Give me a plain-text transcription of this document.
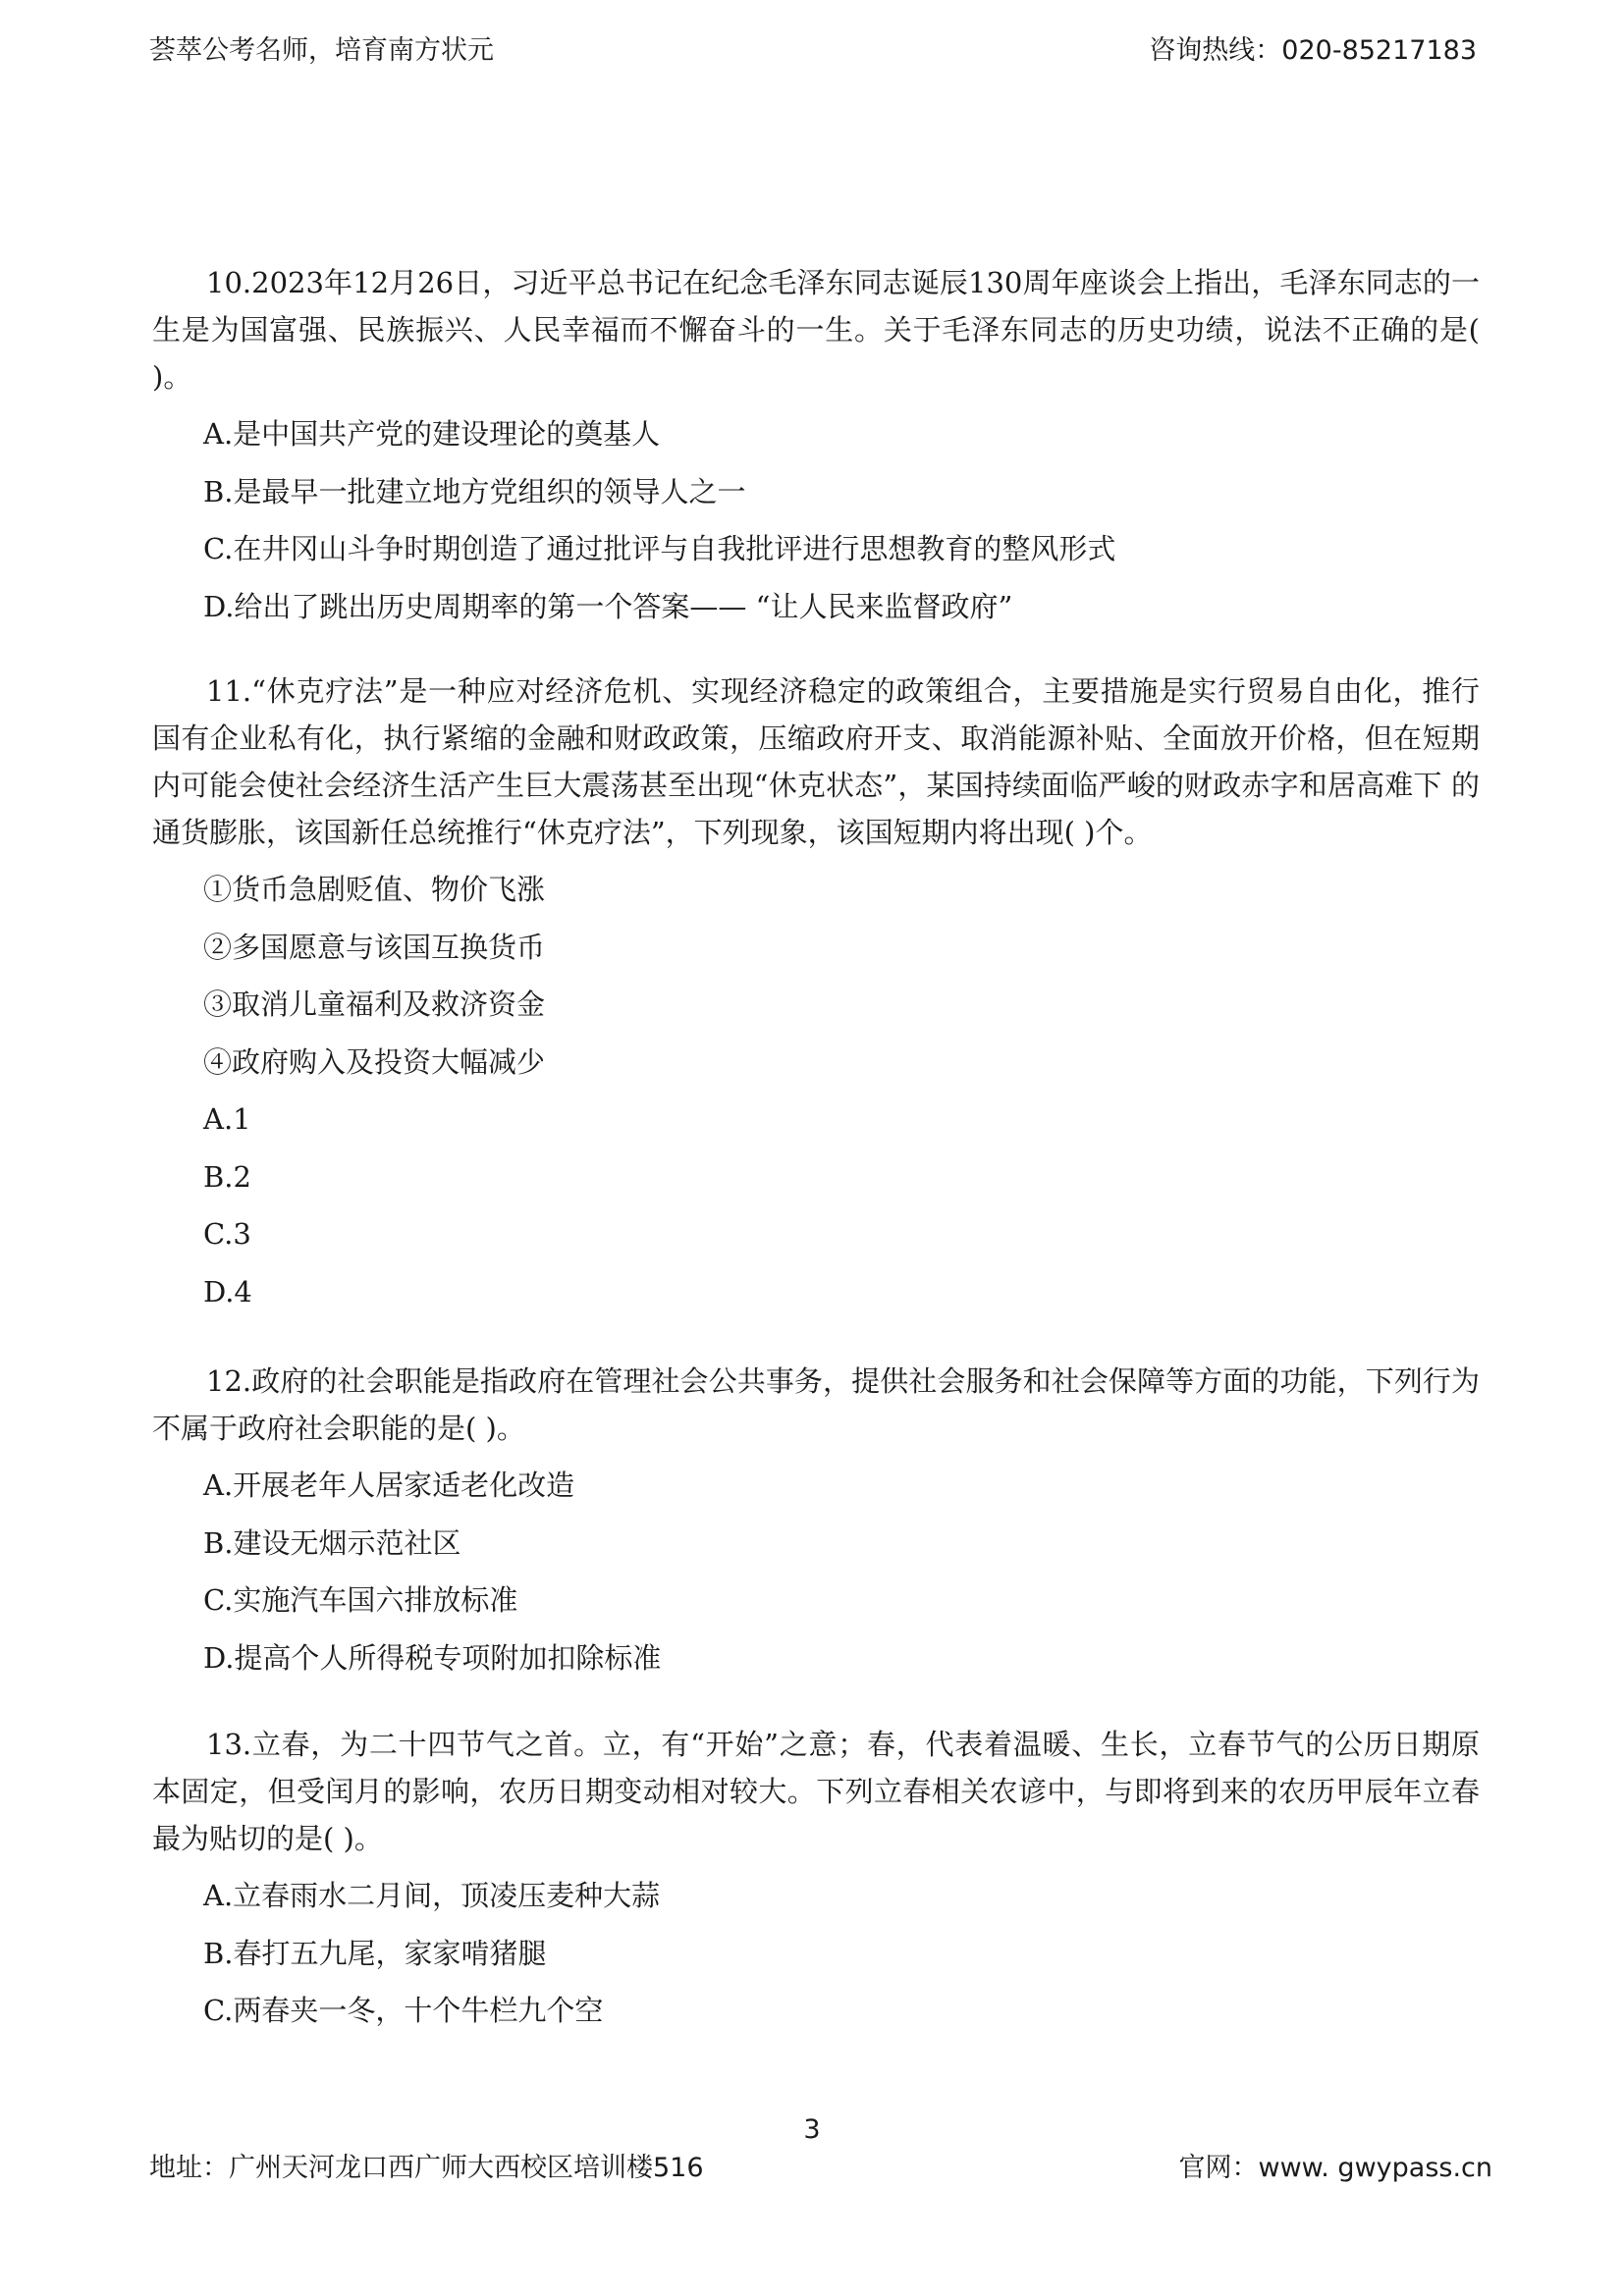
荟萃公考名师，培育南方状元	咨询热线：020-85217183

10.2023年12月26日，习近平总书记在纪念毛泽东同志诞辰130周年座谈会上指出，毛泽东同志的一生是为国富强、民族振兴、人民幸福而不懈奋斗的一生。关于毛泽东同志的历史功绩，说法不正确的是( )。

A.是中国共产党的建设理论的奠基人

B.是最早一批建立地方党组织的领导人之一

C.在井冈山斗争时期创造了通过批评与自我批评进行思想教育的整风形式

D.给出了跳出历史周期率的第一个答案—— “让人民来监督政府”

11.“休克疗法”是一种应对经济危机、实现经济稳定的政策组合，主要措施是实行贸易自由化，推行 国有企业私有化，执行紧缩的金融和财政政策，压缩政府开支、取消能源补贴、全面放开价格，但在短期 内可能会使社会经济生活产生巨大震荡甚至出现“休克状态”，某国持续面临严峻的财政赤字和居高难下 的通货膨胀，该国新任总统推行“休克疗法”，下列现象，该国短期内将出现( )个。

①货币急剧贬值、物价飞涨

②多国愿意与该国互换货币

③取消儿童福利及救济资金

④政府购入及投资大幅减少

A.1

B.2

C.3

D.4

12.政府的社会职能是指政府在管理社会公共事务，提供社会服务和社会保障等方面的功能，下列行为不属于政府社会职能的是( )。

A.开展老年人居家适老化改造

B.建设无烟示范社区

C.实施汽车国六排放标准

D.提高个人所得税专项附加扣除标准

13.立春，为二十四节气之首。立，有“开始”之意；春，代表着温暖、生长，立春节气的公历日期原 本固定，但受闰月的影响，农历日期变动相对较大。下列立春相关农谚中，与即将到来的农历甲辰年立春最为贴切的是( )。

A.立春雨水二月间，顶凌压麦种大蒜

B.春打五九尾，家家啃猪腿

C.两春夹一冬，十个牛栏九个空

3
地址：广州天河龙口西广师大西校区培训楼516	官网：www. gwypass.cn
